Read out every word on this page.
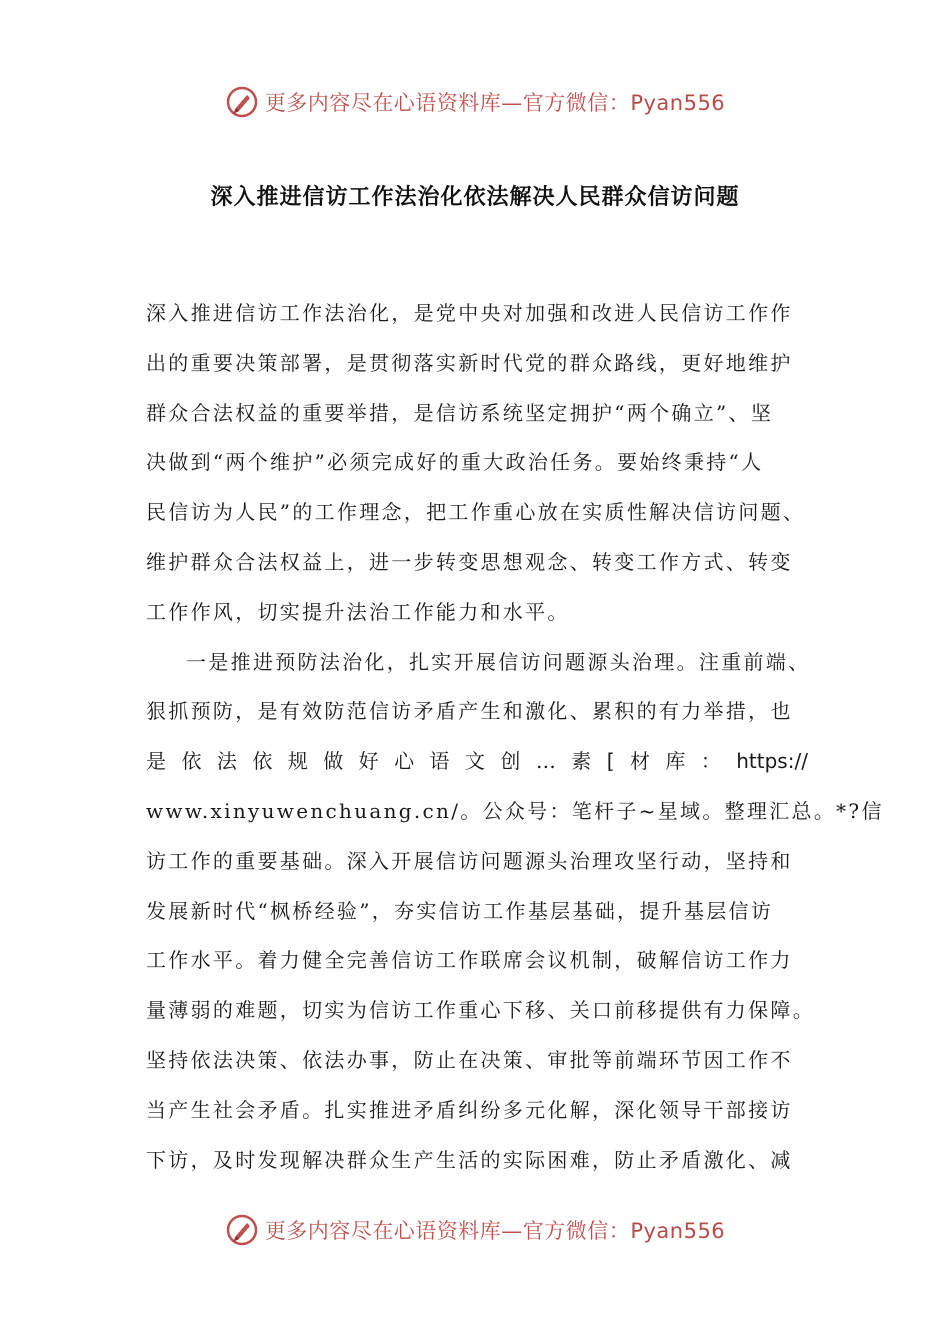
更多内容尽在心语资料库—官方微信：Pyan556
深入推进信访工作法治化依法解决人民群众信访问题
深入推进信访工作法治化，是党中央对加强和改进人民信访工作作
出的重要决策部署，是贯彻落实新时代党的群众路线，更好地维护
群众合法权益的重要举措，是信访系统坚定拥护“两个确立”、坚
决做到“两个维护”必须完成好的重大政治任务。要始终秉持“人
民信访为人民”的工作理念，把工作重心放在实质性解决信访问题、
维护群众合法权益上，进一步转变思想观念、转变工作方式、转变
工作作风，切实提升法治工作能力和水平。
一是推进预防法治化，扎实开展信访问题源头治理。注重前端、
狠抓预防，是有效防范信访矛盾产生和激化、累积的有力举措，也
是 依 法 依 规 做 好 心 语 文 创 … 素 [ 材 库 ： https://
www.xinyuwenchuang.cn/。公众号：笔杆子~星域。整理汇总。*?信
访工作的重要基础。深入开展信访问题源头治理攻坚行动，坚持和
发展新时代“枫桥经验”，夯实信访工作基层基础，提升基层信访
工作水平。着力健全完善信访工作联席会议机制，破解信访工作力
量薄弱的难题，切实为信访工作重心下移、关口前移提供有力保障。
坚持依法决策、依法办事，防止在决策、审批等前端环节因工作不
当产生社会矛盾。扎实推进矛盾纠纷多元化解，深化领导干部接访
下访，及时发现解决群众生产生活的实际困难，防止矛盾激化、减
更多内容尽在心语资料库—官方微信：Pyan556
